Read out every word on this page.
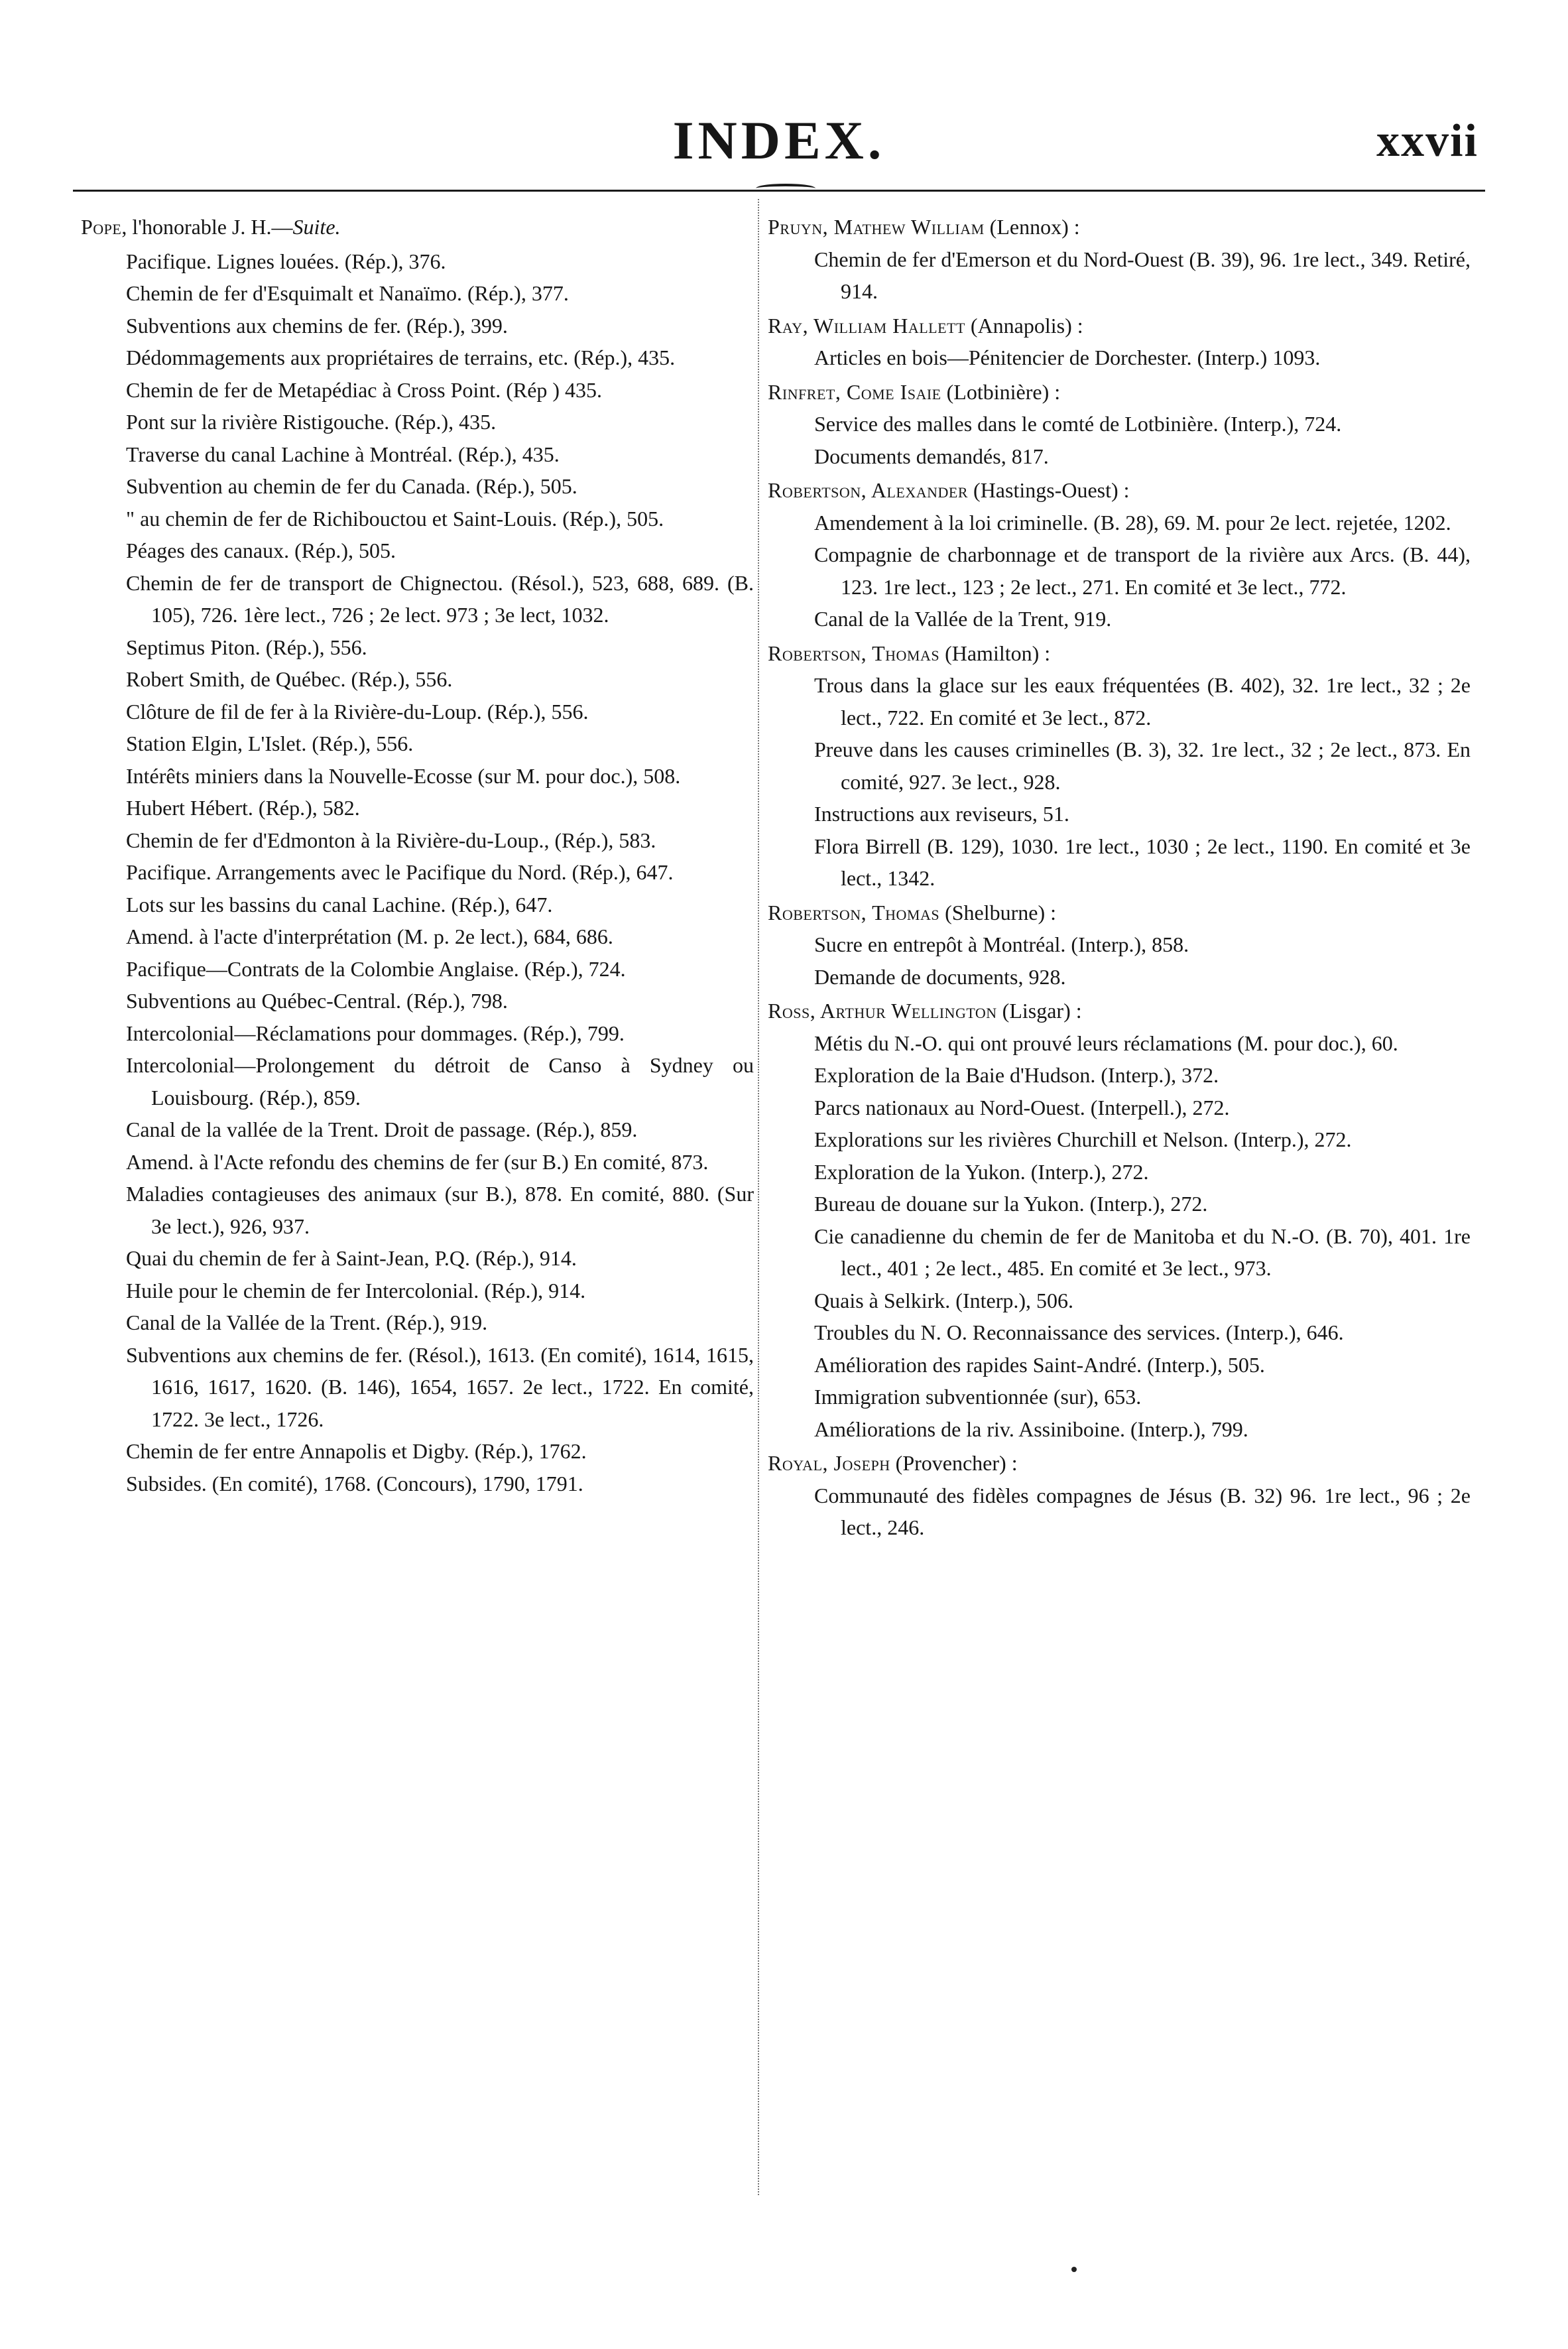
INDEX.	xxvii
Pope, l'honorable J. H.—Suite.
Pacifique. Lignes louées. (Rép.), 376.
Chemin de fer d'Esquimalt et Nanaïmo. (Rép.), 377.
Subventions aux chemins de fer. (Rép.), 399.
Dédommagements aux propriétaires de terrains, etc. (Rép.), 435.
Chemin de fer de Metapédiac à Cross Point. (Rép ) 435.
Pont sur la rivière Ristigouche. (Rép.), 435.
Traverse du canal Lachine à Montréal. (Rép.), 435.
Subvention au chemin de fer du Canada. (Rép.), 505.
" au chemin de fer de Richibouctou et Saint-Louis. (Rép.), 505.
Péages des canaux. (Rép.), 505.
Chemin de fer de transport de Chignectou. (Résol.), 523, 688, 689. (B. 105), 726. 1ère lect., 726 ; 2e lect. 973 ; 3e lect, 1032.
Septimus Piton. (Rép.), 556.
Robert Smith, de Québec. (Rép.), 556.
Clôture de fil de fer à la Rivière-du-Loup. (Rép.), 556.
Station Elgin, L'Islet. (Rép.), 556.
Intérêts miniers dans la Nouvelle-Ecosse (sur M. pour doc.), 508.
Hubert Hébert. (Rép.), 582.
Chemin de fer d'Edmonton à la Rivière-du-Loup., (Rép.), 583.
Pacifique. Arrangements avec le Pacifique du Nord. (Rép.), 647.
Lots sur les bassins du canal Lachine. (Rép.), 647.
Amend. à l'acte d'interprétation (M. p. 2e lect.), 684, 686.
Pacifique—Contrats de la Colombie Anglaise. (Rép.), 724.
Subventions au Québec-Central. (Rép.), 798.
Intercolonial—Réclamations pour dommages. (Rép.), 799.
Intercolonial—Prolongement du détroit de Canso à Sydney ou Louisbourg. (Rép.), 859.
Canal de la vallée de la Trent. Droit de passage. (Rép.), 859.
Amend. à l'Acte refondu des chemins de fer (sur B.) En comité, 873.
Maladies contagieuses des animaux (sur B.), 878. En comité, 880. (Sur 3e lect.), 926, 937.
Quai du chemin de fer à Saint-Jean, P.Q. (Rép.), 914.
Huile pour le chemin de fer Intercolonial. (Rép.), 914.
Canal de la Vallée de la Trent. (Rép.), 919.
Subventions aux chemins de fer. (Résol.), 1613. (En comité), 1614, 1615, 1616, 1617, 1620. (B. 146), 1654, 1657. 2e lect., 1722. En comité, 1722. 3e lect., 1726.
Chemin de fer entre Annapolis et Digby. (Rép.), 1762.
Subsides. (En comité), 1768. (Concours), 1790, 1791.
Pruyn, Mathew William (Lennox) :
Chemin de fer d'Emerson et du Nord-Ouest (B. 39), 96. 1re lect., 349. Retiré, 914.
Ray, William Hallett (Annapolis) :
Articles en bois—Pénitencier de Dorchester. (Interp.) 1093.
Rinfret, Come Isaie (Lotbinière) :
Service des malles dans le comté de Lotbinière. (Interp.), 724.
Documents demandés, 817.
Robertson, Alexander (Hastings-Ouest) :
Amendement à la loi criminelle. (B. 28), 69. M. pour 2e lect. rejetée, 1202.
Compagnie de charbonnage et de transport de la rivière aux Arcs. (B. 44), 123. 1re lect., 123 ; 2e lect., 271. En comité et 3e lect., 772.
Canal de la Vallée de la Trent, 919.
Robertson, Thomas (Hamilton) :
Trous dans la glace sur les eaux fréquentées (B. 402), 32. 1re lect., 32 ; 2e lect., 722. En comité et 3e lect., 872.
Preuve dans les causes criminelles (B. 3), 32. 1re lect., 32 ; 2e lect., 873. En comité, 927. 3e lect., 928.
Instructions aux reviseurs, 51.
Flora Birrell (B. 129), 1030. 1re lect., 1030 ; 2e lect., 1190. En comité et 3e lect., 1342.
Robertson, Thomas (Shelburne) :
Sucre en entrepôt à Montréal. (Interp.), 858.
Demande de documents, 928.
Ross, Arthur Wellington (Lisgar) :
Métis du N.-O. qui ont prouvé leurs réclamations (M. pour doc.), 60.
Exploration de la Baie d'Hudson. (Interp.), 372.
Parcs nationaux au Nord-Ouest. (Interpell.), 272.
Explorations sur les rivières Churchill et Nelson. (Interp.), 272.
Exploration de la Yukon. (Interp.), 272.
Bureau de douane sur la Yukon. (Interp.), 272.
Cie canadienne du chemin de fer de Manitoba et du N.-O. (B. 70), 401. 1re lect., 401 ; 2e lect., 485. En comité et 3e lect., 973.
Quais à Selkirk. (Interp.), 506.
Troubles du N. O. Reconnaissance des services. (Interp.), 646.
Amélioration des rapides Saint-André. (Interp.), 505.
Immigration subventionnée (sur), 653.
Améliorations de la riv. Assiniboine. (Interp.), 799.
Royal, Joseph (Provencher) :
Communauté des fidèles compagnes de Jésus (B. 32) 96. 1re lect., 96 ; 2e lect., 246.
